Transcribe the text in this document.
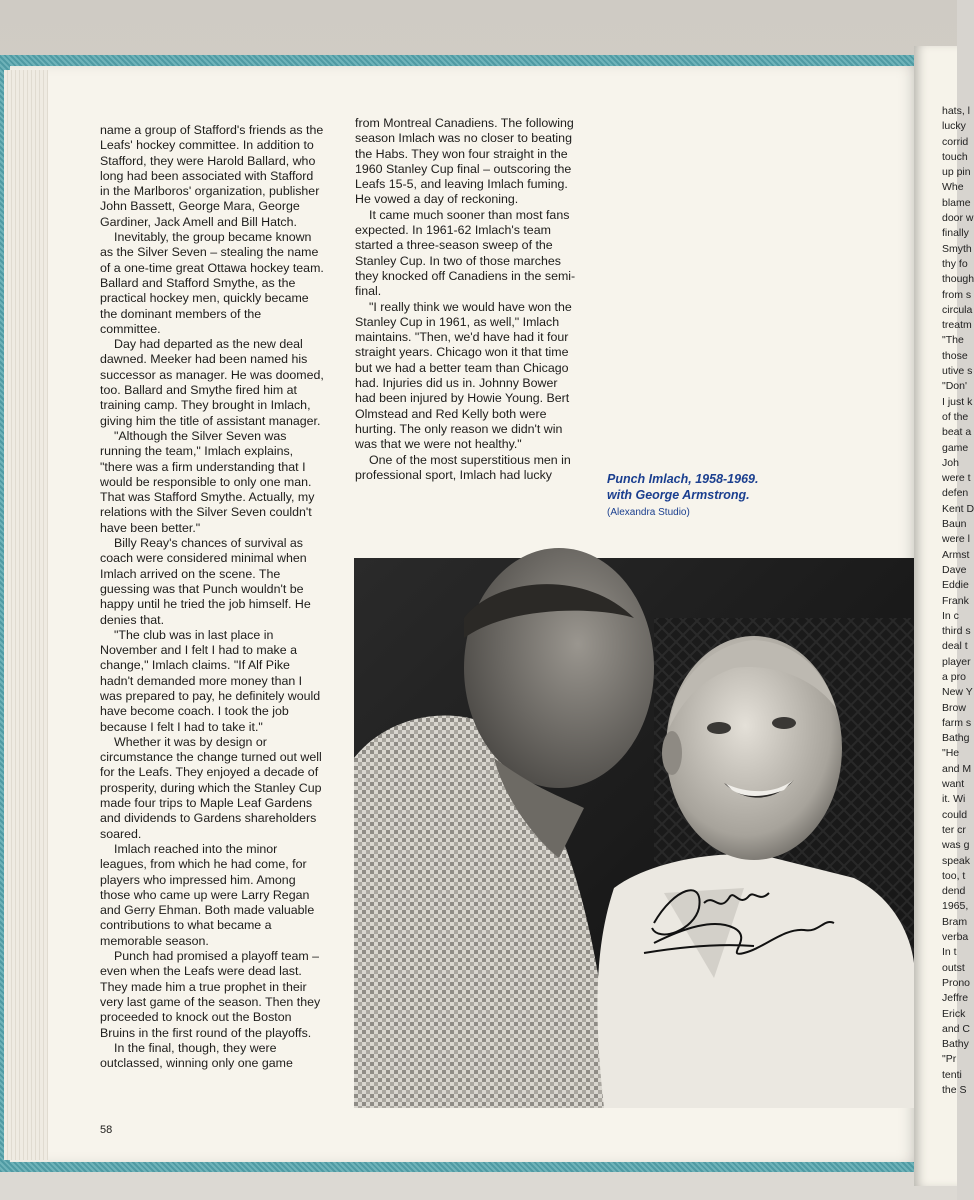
name a group of Stafford's friends as the Leafs' hockey committee. In addition to Stafford, they were Harold Ballard, who long had been associated with Stafford in the Marlboros' organization, publisher John Bassett, George Mara, George Gardiner, Jack Amell and Bill Hatch.

Inevitably, the group became known as the Silver Seven – stealing the name of a one-time great Ottawa hockey team. Ballard and Stafford Smythe, as the practical hockey men, quickly became the dominant members of the committee.

Day had departed as the new deal dawned. Meeker had been named his successor as manager. He was doomed, too. Ballard and Smythe fired him at training camp. They brought in Imlach, giving him the title of assistant manager.

"Although the Silver Seven was running the team," Imlach explains, "there was a firm understanding that I would be responsible to only one man. That was Stafford Smythe. Actually, my relations with the Silver Seven couldn't have been better."

Billy Reay's chances of survival as coach were considered minimal when Imlach arrived on the scene. The guessing was that Punch wouldn't be happy until he tried the job himself. He denies that.

"The club was in last place in November and I felt I had to make a change," Imlach claims. "If Alf Pike hadn't demanded more money than I was prepared to pay, he definitely would have become coach. I took the job because I felt I had to take it."

Whether it was by design or circumstance the change turned out well for the Leafs. They enjoyed a decade of prosperity, during which the Stanley Cup made four trips to Maple Leaf Gardens and dividends to Gardens shareholders soared.

Imlach reached into the minor leagues, from which he had come, for players who impressed him. Among those who came up were Larry Regan and Gerry Ehman. Both made valuable contributions to what became a memorable season.

Punch had promised a playoff team – even when the Leafs were dead last. They made him a true prophet in their very last game of the season. Then they proceeded to knock out the Boston Bruins in the first round of the playoffs.

In the final, though, they were outclassed, winning only one game

from Montreal Canadiens. The following season Imlach was no closer to beating the Habs. They won four straight in the 1960 Stanley Cup final – outscoring the Leafs 15-5, and leaving Imlach fuming. He vowed a day of reckoning.

It came much sooner than most fans expected. In 1961-62 Imlach's team started a three-season sweep of the Stanley Cup. In two of those marches they knocked off Canadiens in the semi-final.

"I really think we would have won the Stanley Cup in 1961, as well," Imlach maintains. "Then, we'd have had it four straight years. Chicago won it that time but we had a better team than Chicago had. Injuries did us in. Johnny Bower had been injured by Howie Young. Bert Olmstead and Red Kelly both were hurting. The only reason we didn't win was that we were not healthy."

One of the most superstitious men in professional sport, Imlach had lucky	Punch Imlach, 1958-1969.
with George Armstrong.
(Alexandra Studio)
58
hats, l
lucky
corrid
touch
up pin
Whe
blame
door w
finally
Smyth
thy fo
though
from s
circula
treatm
"The
those
utive s
"Don'
I just k
of the
beat a
game
Joh
were t
defen
Kent D
Baun
were l
Armst
Dave
Eddie
Frank
In c
third s
deal t
player
a pro
New Y
Brow
farm s
Bathg
"He
and M
want
it. Wi
could
ter cr
was g
speak
too, t
dend
1965,
Bram
verba
In t
outst
Prono
Jeffre
Erick
and C
Bathy
"Pr
tenti
the S
